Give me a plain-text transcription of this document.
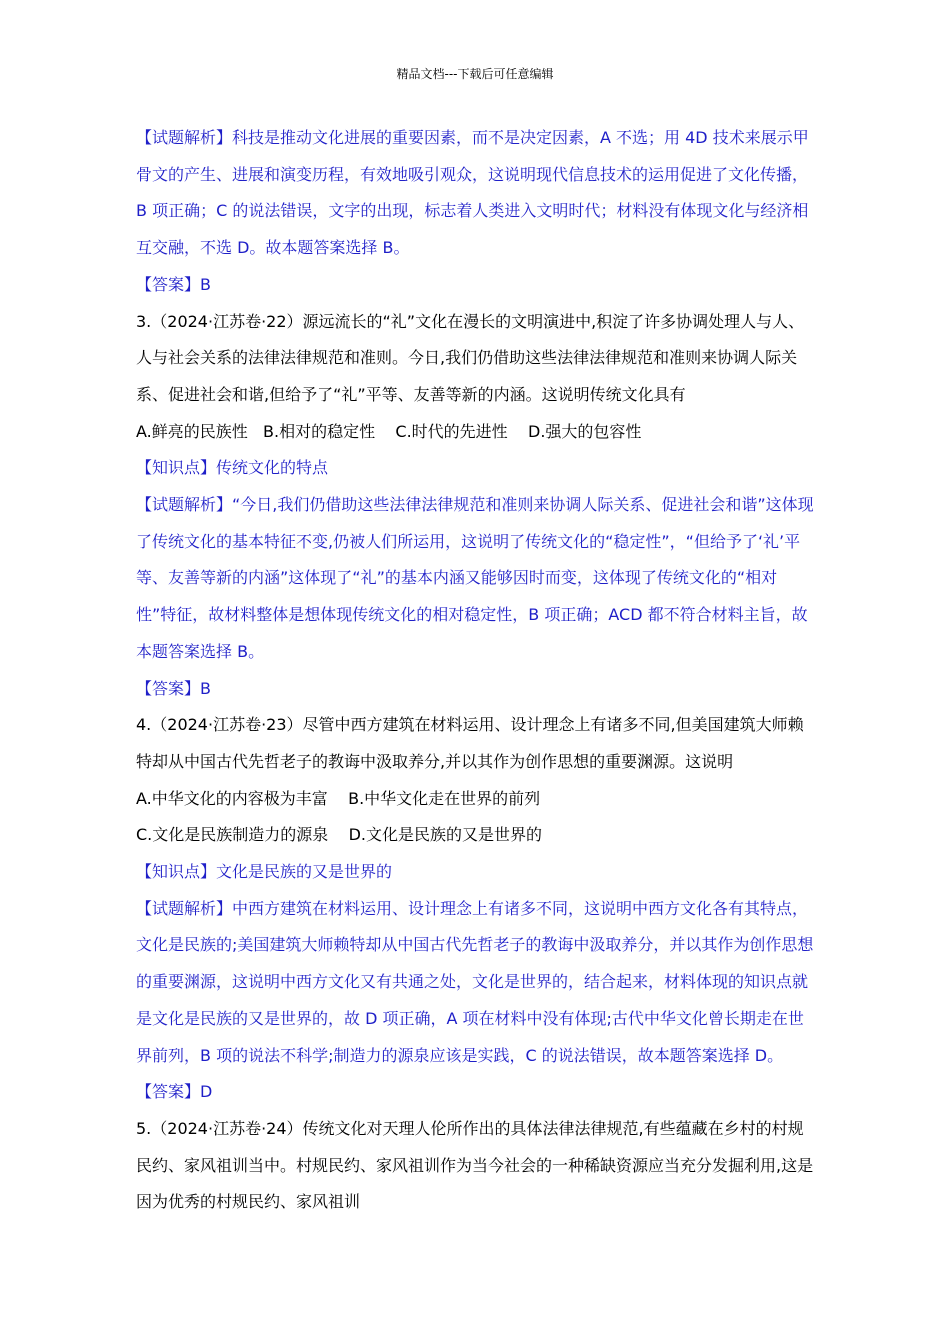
精品文档---下载后可任意编辑

【试题解析】科技是推动文化进展的重要因素，而不是决定因素，A 不选；用 4D 技术来展示甲骨文的产生、进展和演变历程，有效地吸引观众，这说明现代信息技术的运用促进了文化传播，B 项正确；C 的说法错误，文字的出现，标志着人类进入文明时代；材料没有体现文化与经济相互交融，不选 D。故本题答案选择 B。

【答案】B

3.（2024·江苏卷·22）源远流长的“礼”文化在漫长的文明演进中,积淀了许多协调处理人与人、人与社会关系的法律法律规范和准则。今日,我们仍借助这些法律法律规范和准则来协调人际关系、促进社会和谐,但给予了“礼”平等、友善等新的内涵。这说明传统文化具有

A.鲜亮的民族性   B.相对的稳定性    C.时代的先进性    D.强大的包容性

【知识点】传统文化的特点

【试题解析】“今日,我们仍借助这些法律法律规范和准则来协调人际关系、促进社会和谐”这体现了传统文化的基本特征不变,仍被人们所运用，这说明了传统文化的“稳定性”，“但给予了‘礼’平等、友善等新的内涵”这体现了“礼”的基本内涵又能够因时而变，这体现了传统文化的“相对性”特征，故材料整体是想体现传统文化的相对稳定性，B 项正确；ACD 都不符合材料主旨，故本题答案选择 B。

【答案】B

4.（2024·江苏卷·23）尽管中西方建筑在材料运用、设计理念上有诸多不同,但美国建筑大师赖特却从中国古代先哲老子的教诲中汲取养分,并以其作为创作思想的重要渊源。这说明

A.中华文化的内容极为丰富    B.中华文化走在世界的前列

C.文化是民族制造力的源泉    D.文化是民族的又是世界的

【知识点】文化是民族的又是世界的

【试题解析】中西方建筑在材料运用、设计理念上有诸多不同，这说明中西方文化各有其特点，文化是民族的;美国建筑大师赖特却从中国古代先哲老子的教诲中汲取养分，并以其作为创作思想的重要渊源，这说明中西方文化又有共通之处，文化是世界的，结合起来，材料体现的知识点就是文化是民族的又是世界的，故 D 项正确，A 项在材料中没有体现;古代中华文化曾长期走在世界前列，B 项的说法不科学;制造力的源泉应该是实践，C 的说法错误，故本题答案选择 D。

【答案】D

5.（2024·江苏卷·24）传统文化对天理人伦所作出的具体法律法律规范,有些蕴藏在乡村的村规民约、家风祖训当中。村规民约、家风祖训作为当今社会的一种稀缺资源应当充分发掘利用,这是因为优秀的村规民约、家风祖训
